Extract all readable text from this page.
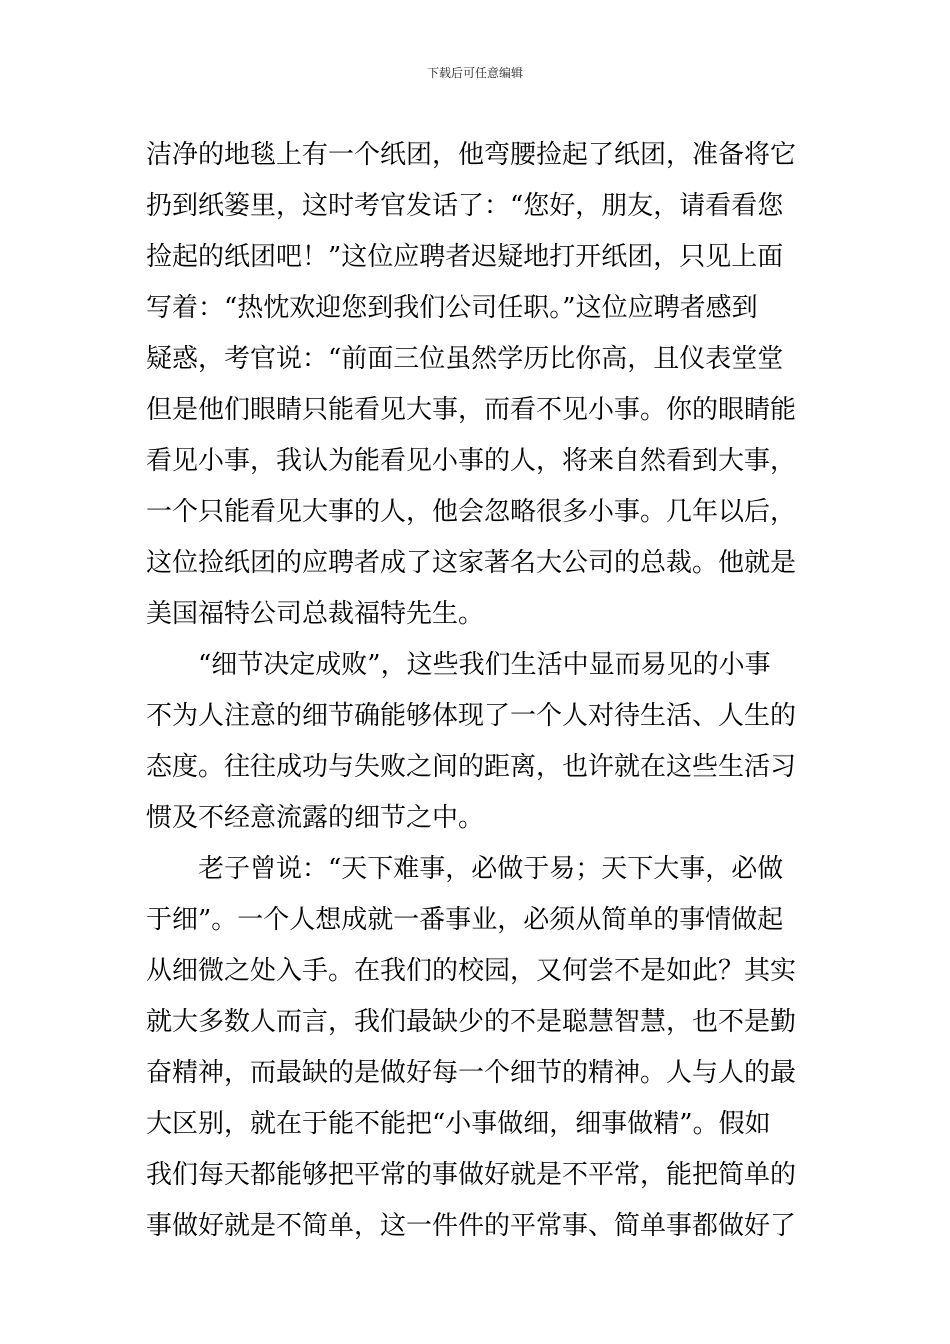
下载后可任意编辑
洁净的地毯上有一个纸团，他弯腰捡起了纸团，准备将它
扔到纸篓里，这时考官发话了：“您好，朋友，请看看您
捡起的纸团吧！”这位应聘者迟疑地打开纸团，只见上面
写着：“热忱欢迎您到我们公司任职。”这位应聘者感到
疑惑，考官说：“前面三位虽然学历比你高，且仪表堂堂
但是他们眼睛只能看见大事，而看不见小事。你的眼睛能
看见小事，我认为能看见小事的人，将来自然看到大事，
一个只能看见大事的人，他会忽略很多小事。几年以后，
这位捡纸团的应聘者成了这家著名大公司的总裁。他就是
美国福特公司总裁福特先生。
“细节决定成败”，这些我们生活中显而易见的小事
不为人注意的细节确能够体现了一个人对待生活、人生的
态度。往往成功与失败之间的距离，也许就在这些生活习
惯及不经意流露的细节之中。
老子曾说：“天下难事，必做于易；天下大事，必做
于细”。一个人想成就一番事业，必须从简单的事情做起
从细微之处入手。在我们的校园，又何尝不是如此？其实
就大多数人而言，我们最缺少的不是聪慧智慧，也不是勤
奋精神，而最缺的是做好每一个细节的精神。人与人的最
大区别，就在于能不能把“小事做细，细事做精”。假如
我们每天都能够把平常的事做好就是不平常，能把简单的
事做好就是不简单，这一件件的平常事、简单事都做好了
